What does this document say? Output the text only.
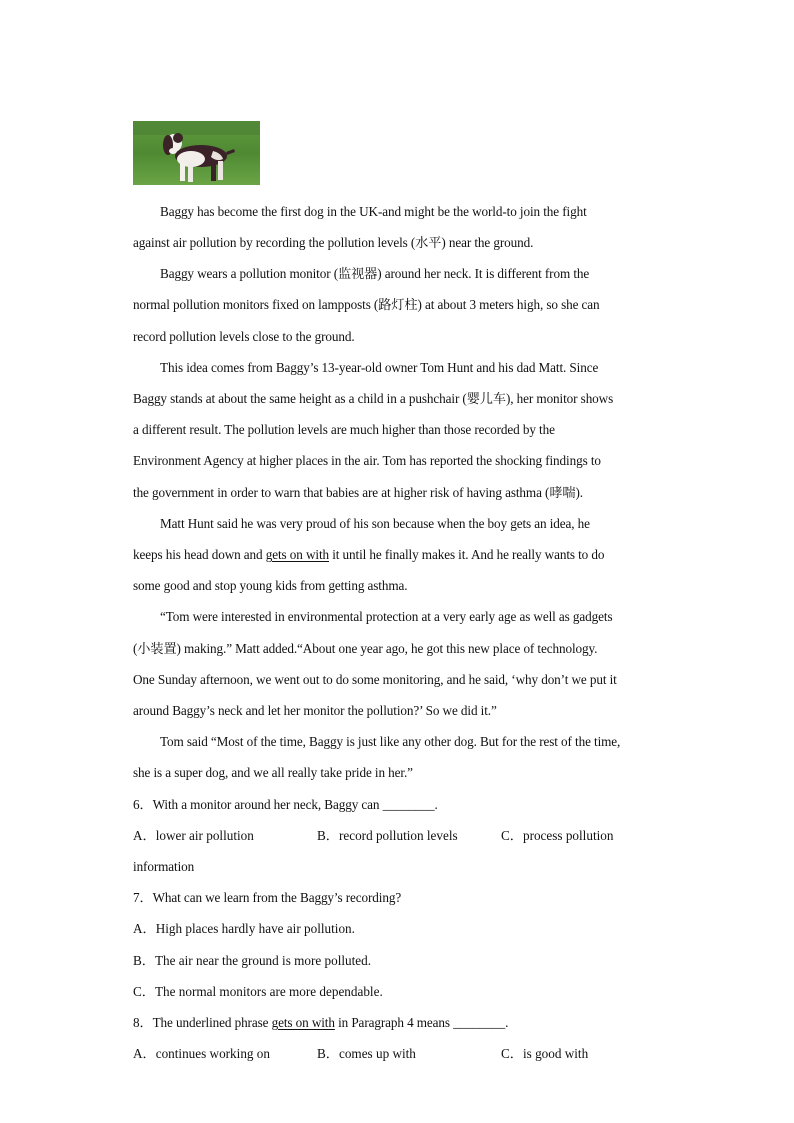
Baggy has become the first dog in the UK-and might be the world-to join the fight
against air pollution by recording the pollution levels (水平) near the ground.
Baggy wears a pollution monitor (监视器) around her neck. It is different from the
normal pollution monitors fixed on lampposts (路灯柱) at about 3 meters high, so she can
record pollution levels close to the ground.
This idea comes from Baggy’s 13-year-old owner Tom Hunt and his dad Matt. Since
Baggy stands at about the same height as a child in a pushchair (婴儿车), her monitor shows
a different result. The pollution levels are much higher than those recorded by the
Environment Agency at higher places in the air. Tom has reported the shocking findings to
the government in order to warn that babies are at higher risk of having asthma (哮喘).
Matt Hunt said he was very proud of his son because when the boy gets an idea, he
keeps his head down and gets on with it until he finally makes it. And he really wants to do
some good and stop young kids from getting asthma.
“Tom were interested in environmental protection at a very early age as well as gadgets
(小装置) making.” Matt added.“About one year ago, he got this new place of technology.
One Sunday afternoon, we went out to do some monitoring, and he said, ‘why don’t we put it
around Baggy’s neck and let her monitor the pollution?’ So we did it.”
Tom said “Most of the time, Baggy is just like any other dog. But for the rest of the time,
she is a super dog, and we all really take pride in her.”
6．With a monitor around her neck, Baggy can ________.
A．lower air pollution	B．record pollution levels	C．process pollution
information
7．What can we learn from the Baggy’s recording?
A．High places hardly have air pollution.
B．The air near the ground is more polluted.
C．The normal monitors are more dependable.
8．The underlined phrase gets on with in Paragraph 4 means ________.
A．continues working on	B．comes up with	C．is good with
